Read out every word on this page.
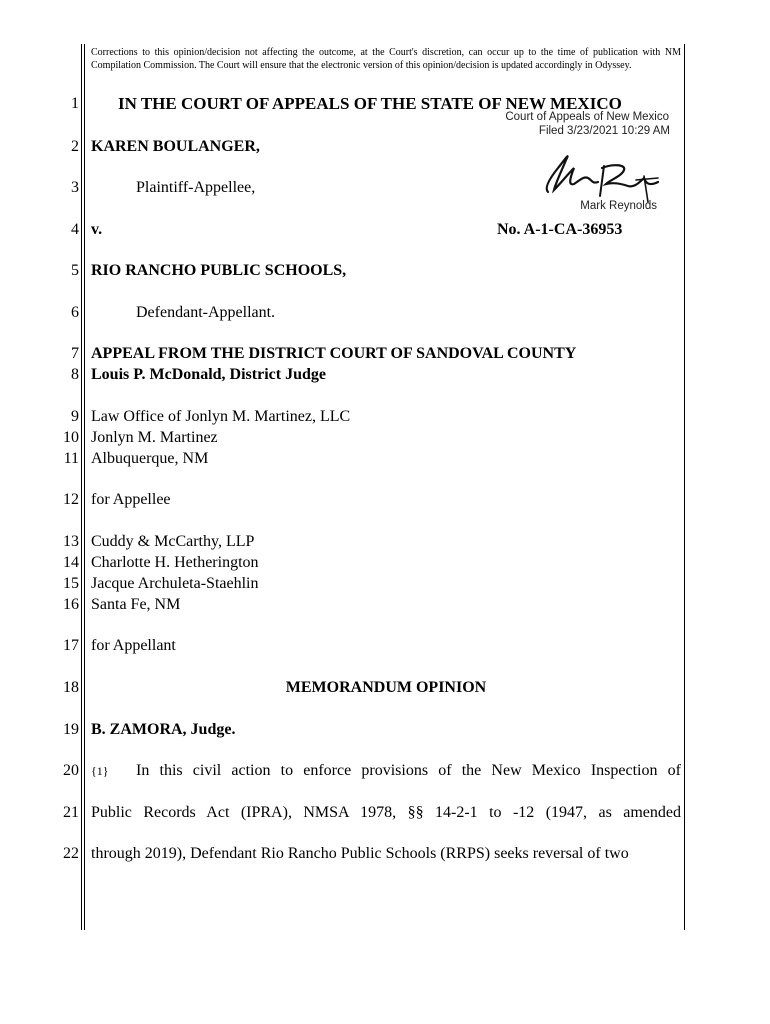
Corrections to this opinion/decision not affecting the outcome, at the Court's discretion, can occur up to the time of publication with NM Compilation Commission. The Court will ensure that the electronic version of this opinion/decision is updated accordingly in Odyssey.
1
2
3
4
5
6
7
8
9
10
11
12
13
14
15
16
17
18
19
20
21
22
IN THE COURT OF APPEALS OF THE STATE OF NEW MEXICO
Court of Appeals of New Mexico
Filed 3/23/2021 10:29 AM
Mark Reynolds
KAREN BOULANGER,
Plaintiff-Appellee,
v.	No. A-1-CA-36953
RIO RANCHO PUBLIC SCHOOLS,
Defendant-Appellant.
APPEAL FROM THE DISTRICT COURT OF SANDOVAL COUNTY
Louis P. McDonald, District Judge
Law Office of Jonlyn M. Martinez, LLC
Jonlyn M. Martinez
Albuquerque, NM
for Appellee
Cuddy & McCarthy, LLP
Charlotte H. Hetherington
Jacque Archuleta-Staehlin
Santa Fe, NM
for Appellant
MEMORANDUM OPINION
B. ZAMORA, Judge.
{1} In this civil action to enforce provisions of the New Mexico Inspection of
Public Records Act (IPRA), NMSA 1978, §§ 14-2-1 to -12 (1947, as amended
through 2019), Defendant Rio Rancho Public Schools (RRPS) seeks reversal of two
